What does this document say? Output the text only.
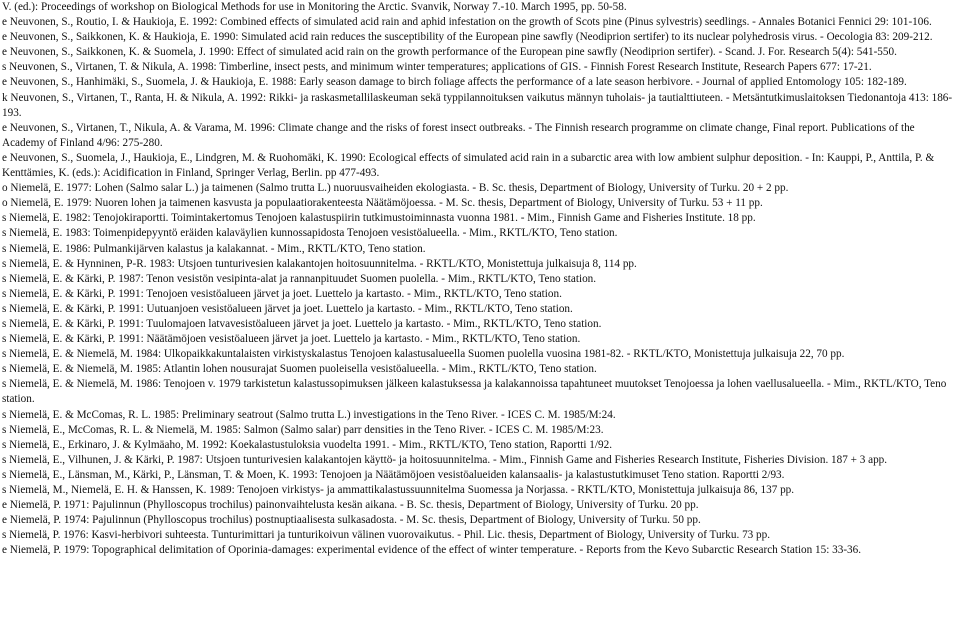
V. (ed.): Proceedings of workshop on Biological Methods for use in Monitoring the Arctic. Svanvik, Norway 7.-10. March 1995, pp. 50-58.

e Neuvonen, S., Routio, I. & Haukioja, E. 1992: Combined effects of simulated acid rain and aphid infestation on the growth of Scots pine (Pinus sylvestris) seedlings. - Annales Botanici Fennici 29: 101-106.

e Neuvonen, S., Saikkonen, K. & Haukioja, E. 1990: Simulated acid rain reduces the susceptibility of the European pine sawfly (Neodiprion sertifer) to its nuclear polyhedrosis virus. - Oecologia 83: 209-212.

e Neuvonen, S., Saikkonen, K. & Suomela, J. 1990: Effect of simulated acid rain on the growth performance of the European pine sawfly (Neodiprion sertifer). - Scand. J. For. Research 5(4): 541-550.

s Neuvonen, S., Virtanen, T. & Nikula, A. 1998: Timberline, insect pests, and minimum winter temperatures; applications of GIS. - Finnish Forest Research Institute, Research Papers 677: 17-21.

e Neuvonen, S., Hanhimäki, S., Suomela, J. & Haukioja, E. 1988: Early season damage to birch foliage affects the performance of a late season herbivore. - Journal of applied Entomology 105: 182-189.

k Neuvonen, S., Virtanen, T., Ranta, H. & Nikula, A. 1992: Rikki- ja raskasmetallilaskeuman sekä typpilannoituksen vaikutus männyn tuholais- ja tautialttiuteen. - Metsäntutkimuslaitoksen Tiedonantoja 413: 186-193.

e Neuvonen, S., Virtanen, T., Nikula, A. & Varama, M. 1996: Climate change and the risks of forest insect outbreaks. - The Finnish research programme on climate change, Final report. Publications of the Academy of Finland 4/96: 275-280.

e Neuvonen, S., Suomela, J., Haukioja, E., Lindgren, M. & Ruohomäki, K. 1990: Ecological effects of simulated acid rain in a subarctic area with low ambient sulphur deposition. - In: Kauppi, P., Anttila, P. & Kenttämies, K. (eds.): Acidification in Finland, Springer Verlag, Berlin. pp 477-493.

o Niemelä, E. 1977: Lohen (Salmo salar L.) ja taimenen (Salmo trutta L.) nuoruusvaiheiden ekologiasta. - B. Sc. thesis, Department of Biology, University of Turku. 20 + 2 pp.

o Niemelä, E. 1979: Nuoren lohen ja taimenen kasvusta ja populaatiorakenteesta Näätämöjoessa. - M. Sc. thesis, Department of Biology, University of Turku. 53 + 11 pp.

s Niemelä, E. 1982: Tenojokiraportti. Toimintakertomus Tenojoen kalastuspiirin tutkimustoiminnasta vuonna 1981. - Mim., Finnish Game and Fisheries Institute. 18 pp.

s Niemelä, E. 1983: Toimenpidepyyntö eräiden kalaväylien kunnossapidosta Tenojoen vesistöalueella. - Mim., RKTL/KTO, Teno station.

s Niemelä, E. 1986: Pulmankijärven kalastus ja kalakannat. - Mim., RKTL/KTO, Teno station.

s Niemelä, E. & Hynninen, P-R. 1983: Utsjoen tunturivesien kalakantojen hoitosuunnitelma. - RKTL/KTO, Monistettuja julkaisuja 8, 114 pp.

s Niemelä, E. & Kärki, P. 1987: Tenon vesistön vesipinta-alat ja rannanpituudet Suomen puolella. - Mim., RKTL/KTO, Teno station.

s Niemelä, E. & Kärki, P. 1991: Tenojoen vesistöalueen järvet ja joet. Luettelo ja kartasto. - Mim., RKTL/KTO, Teno station.

s Niemelä, E. & Kärki, P. 1991: Uutuanjoen vesistöalueen järvet ja joet. Luettelo ja kartasto. - Mim., RKTL/KTO, Teno station.

s Niemelä, E. & Kärki, P. 1991: Tuulomajoen latvavesistöalueen järvet ja joet. Luettelo ja kartasto. - Mim., RKTL/KTO, Teno station.

s Niemelä, E. & Kärki, P. 1991: Näätämöjoen vesistöalueen järvet ja joet. Luettelo ja kartasto. - Mim., RKTL/KTO, Teno station.

s Niemelä, E. & Niemelä, M. 1984: Ulkopaikkakuntalaisten virkistyskalastus Tenojoen kalastusalueella Suomen puolella vuosina 1981-82. - RKTL/KTO, Monistettuja julkaisuja 22, 70 pp.

s Niemelä, E. & Niemelä, M. 1985: Atlantin lohen nousurajat Suomen puoleisella vesistöalueella. - Mim., RKTL/KTO, Teno station.

s Niemelä, E. & Niemelä, M. 1986: Tenojoen v. 1979 tarkistetun kalastussopimuksen jälkeen kalastuksessa ja kalakannoissa tapahtuneet muutokset Tenojoessa ja lohen vaellusalueella. - Mim., RKTL/KTO, Teno station.

s Niemelä, E. & McComas, R. L. 1985: Preliminary seatrout (Salmo trutta L.) investigations in the Teno River. - ICES C. M. 1985/M:24.

s Niemelä, E., McComas, R. L. & Niemelä, M. 1985: Salmon (Salmo salar) parr densities in the Teno River. - ICES C. M. 1985/M:23.

s Niemelä, E., Erkinaro, J. & Kylmäaho, M. 1992: Koekalastustuloksia vuodelta 1991. - Mim., RKTL/KTO, Teno station, Raportti 1/92.

s Niemelä, E., Vilhunen, J. & Kärki, P. 1987: Utsjoen tunturivesien kalakantojen käyttö- ja hoitosuunnitelma. - Mim., Finnish Game and Fisheries Research Institute, Fisheries Division. 187 + 3 app.

s Niemelä, E., Länsman, M., Kärki, P., Länsman, T. & Moen, K. 1993: Tenojoen ja Näätämöjoen vesistöalueiden kalansaalis- ja kalastustutkimuset Teno station. Raportti 2/93.

s Niemelä, M., Niemelä, E. H. & Hanssen, K. 1989: Tenojoen virkistys- ja ammattikalastussuunnitelma Suomessa ja Norjassa. - RKTL/KTO, Monistettuja julkaisuja 86, 137 pp.

e Niemelä, P. 1971: Pajulinnun (Phylloscopus trochilus) painonvaihtelusta kesän aikana. - B. Sc. thesis, Department of Biology, University of Turku. 20 pp.

e Niemelä, P. 1974: Pajulinnun (Phylloscopus trochilus) postnuptiaalisesta sulkasadosta. - M. Sc. thesis, Department of Biology, University of Turku. 50 pp.

s Niemelä, P. 1976: Kasvi-herbivori suhteesta. Tunturimittari ja tunturikoivun välinen vuorovaikutus. - Phil. Lic. thesis, Department of Biology, University of Turku. 73 pp.

e Niemelä, P. 1979: Topographical delimitation of Oporinia-damages: experimental evidence of the effect of winter temperature. - Reports from the Kevo Subarctic Research Station 15: 33-36.
